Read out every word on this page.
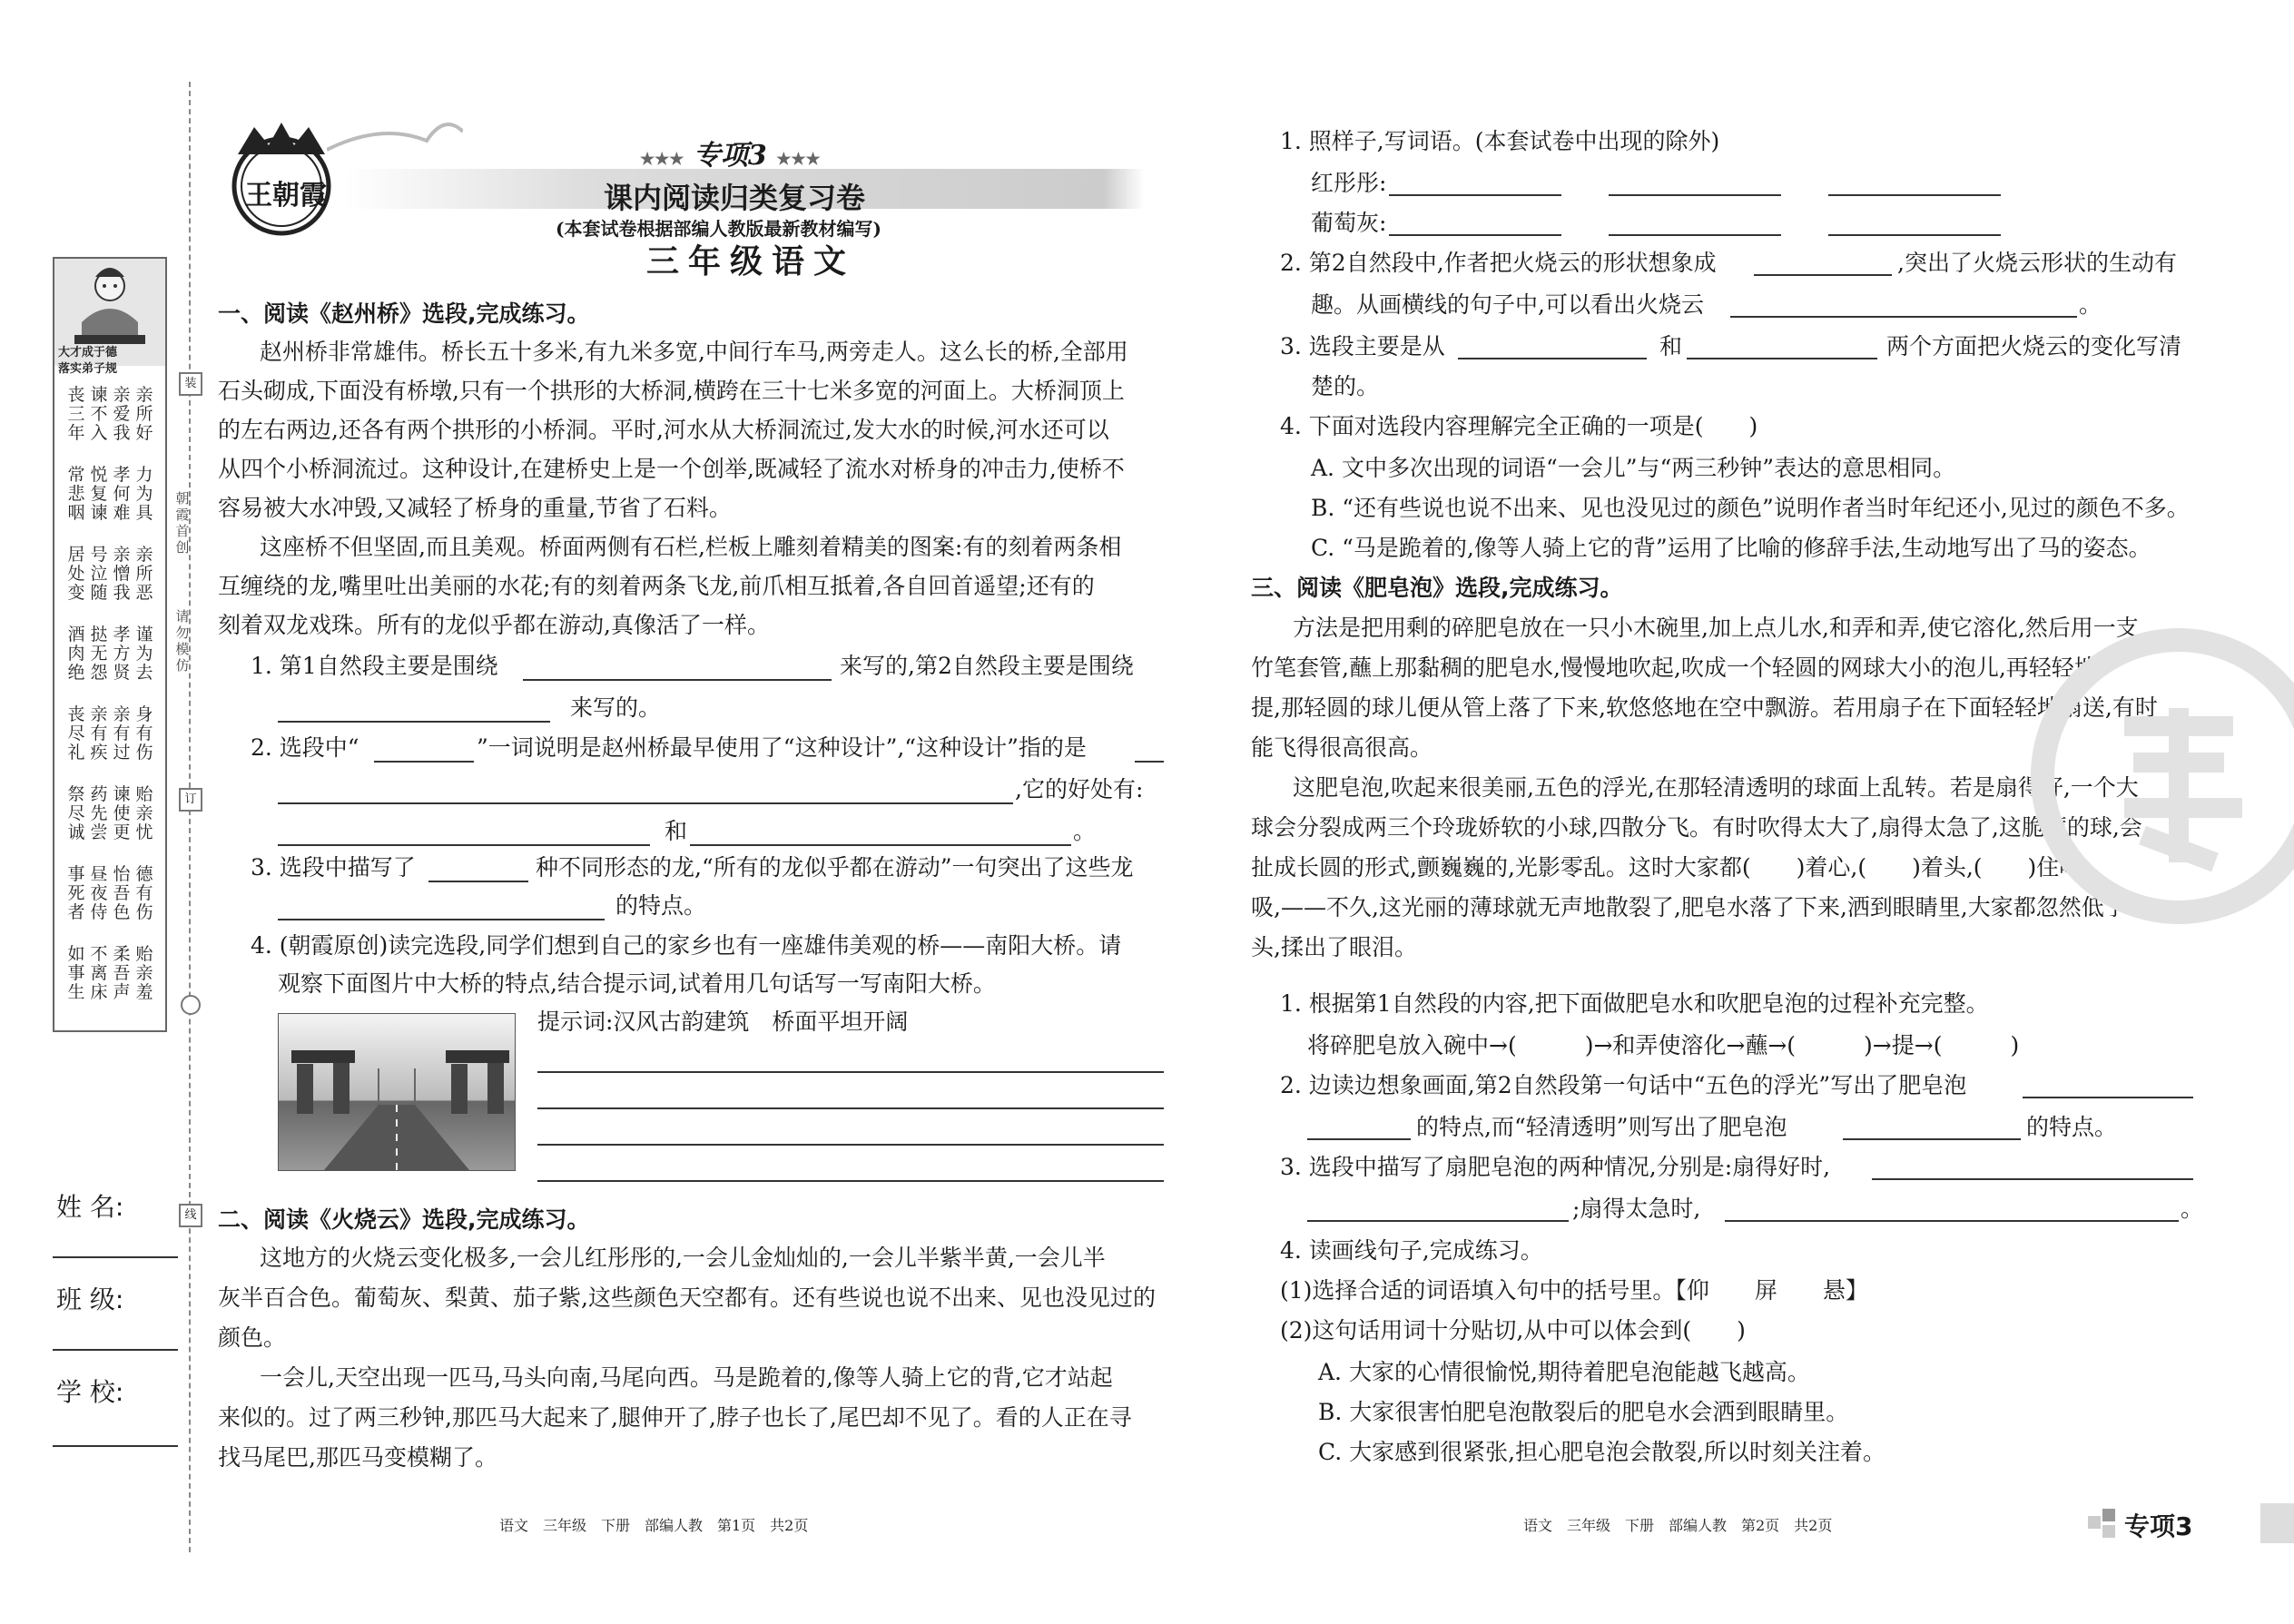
大才成于德
落实弟子规
丧三年
谏不入
亲爱我
亲所好
常悲咽
悦复谏
孝何难
力为具
居处变
号泣随
亲憎我
亲所恶
酒肉绝
挞无怨
孝方贤
谨为去
丧尽礼
亲有疾
亲有过
身有伤
祭尽诚
药先尝
谏使更
贻亲忧
事死者
昼夜侍
怡吾色
德有伤
如事生
不离床
柔吾声
贻亲羞
装
朝霞首创
请勿模仿
订
线
姓 名:
班 级:
学 校:
王朝霞
★★★ 专项3 ★★★
课内阅读归类复习卷
(本套试卷根据部编人教版最新教材编写)
三年级语文
一、阅读《赵州桥》选段,完成练习。
赵州桥非常雄伟。桥长五十多米,有九米多宽,中间行车马,两旁走人。这么长的桥,全部用
石头砌成,下面没有桥墩,只有一个拱形的大桥洞,横跨在三十七米多宽的河面上。大桥洞顶上
的左右两边,还各有两个拱形的小桥洞。平时,河水从大桥洞流过,发大水的时候,河水还可以
从四个小桥洞流过。这种设计,在建桥史上是一个创举,既减轻了流水对桥身的冲击力,使桥不
容易被大水冲毁,又减轻了桥身的重量,节省了石料。
这座桥不但坚固,而且美观。桥面两侧有石栏,栏板上雕刻着精美的图案:有的刻着两条相
互缠绕的龙,嘴里吐出美丽的水花;有的刻着两条飞龙,前爪相互抵着,各自回首遥望;还有的
刻着双龙戏珠。所有的龙似乎都在游动,真像活了一样。
1. 第1自然段主要是围绕	来写的,第2自然段主要是围绕
来写的。
2. 选段中“	”一词说明是赵州桥最早使用了“这种设计”,“这种设计”指的是
,它的好处有:
和	。
3. 选段中描写了	种不同形态的龙,“所有的龙似乎都在游动”一句突出了这些龙
的特点。
4. (朝霞原创)读完选段,同学们想到自己的家乡也有一座雄伟美观的桥——南阳大桥。请
观察下面图片中大桥的特点,结合提示词,试着用几句话写一写南阳大桥。
提示词:汉风古韵建筑　桥面平坦开阔
二、阅读《火烧云》选段,完成练习。
这地方的火烧云变化极多,一会儿红彤彤的,一会儿金灿灿的,一会儿半紫半黄,一会儿半
灰半百合色。葡萄灰、梨黄、茄子紫,这些颜色天空都有。还有些说也说不出来、见也没见过的
颜色。
一会儿,天空出现一匹马,马头向南,马尾向西。马是跪着的,像等人骑上它的背,它才站起
来似的。过了两三秒钟,那匹马大起来了,腿伸开了,脖子也长了,尾巴却不见了。看的人正在寻
找马尾巴,那匹马变模糊了。
语文　三年级　下册　部编人教　第1页　共2页
1. 照样子,写词语。(本套试卷中出现的除外)
红彤彤:
葡萄灰:
2. 第2自然段中,作者把火烧云的形状想象成	,突出了火烧云形状的生动有
趣。从画横线的句子中,可以看出火烧云	。
3. 选段主要是从	和	两个方面把火烧云的变化写清
楚的。
4. 下面对选段内容理解完全正确的一项是(　　)
A. 文中多次出现的词语“一会儿”与“两三秒钟”表达的意思相同。
B. “还有些说也说不出来、见也没见过的颜色”说明作者当时年纪还小,见过的颜色不多。
C. “马是跪着的,像等人骑上它的背”运用了比喻的修辞手法,生动地写出了马的姿态。
三、阅读《肥皂泡》选段,完成练习。
方法是把用剩的碎肥皂放在一只小木碗里,加上点儿水,和弄和弄,使它溶化,然后用一支
竹笔套管,蘸上那黏稠的肥皂水,慢慢地吹起,吹成一个轻圆的网球大小的泡儿,再轻轻地一
提,那轻圆的球儿便从管上落了下来,软悠悠地在空中飘游。若用扇子在下面轻轻地扇送,有时
能飞得很高很高。
这肥皂泡,吹起来很美丽,五色的浮光,在那轻清透明的球面上乱转。若是扇得好,一个大
球会分裂成两三个玲珑娇软的小球,四散分飞。有时吹得太大了,扇得太急了,这脆薄的球,会
扯成长圆的形式,颤巍巍的,光影零乱。这时大家都(　　)着心,(　　)着头,(　　)住呼
吸,——不久,这光丽的薄球就无声地散裂了,肥皂水落了下来,洒到眼睛里,大家都忽然低了
头,揉出了眼泪。
1. 根据第1自然段的内容,把下面做肥皂水和吹肥皂泡的过程补充完整。
将碎肥皂放入碗中→(　　　)→和弄使溶化→蘸→(　　　)→提→(　　　)
2. 边读边想象画面,第2自然段第一句话中“五色的浮光”写出了肥皂泡
的特点,而“轻清透明”则写出了肥皂泡	的特点。
3. 选段中描写了扇肥皂泡的两种情况,分别是:扇得好时,
;扇得太急时,	。
4. 读画线句子,完成练习。
(1)选择合适的词语填入句中的括号里。【仰　　屏　　悬】
(2)这句话用词十分贴切,从中可以体会到(　　)
A. 大家的心情很愉悦,期待着肥皂泡能越飞越高。
B. 大家很害怕肥皂泡散裂后的肥皂水会洒到眼睛里。
C. 大家感到很紧张,担心肥皂泡会散裂,所以时刻关注着。
语文　三年级　下册　部编人教　第2页　共2页	专项3
